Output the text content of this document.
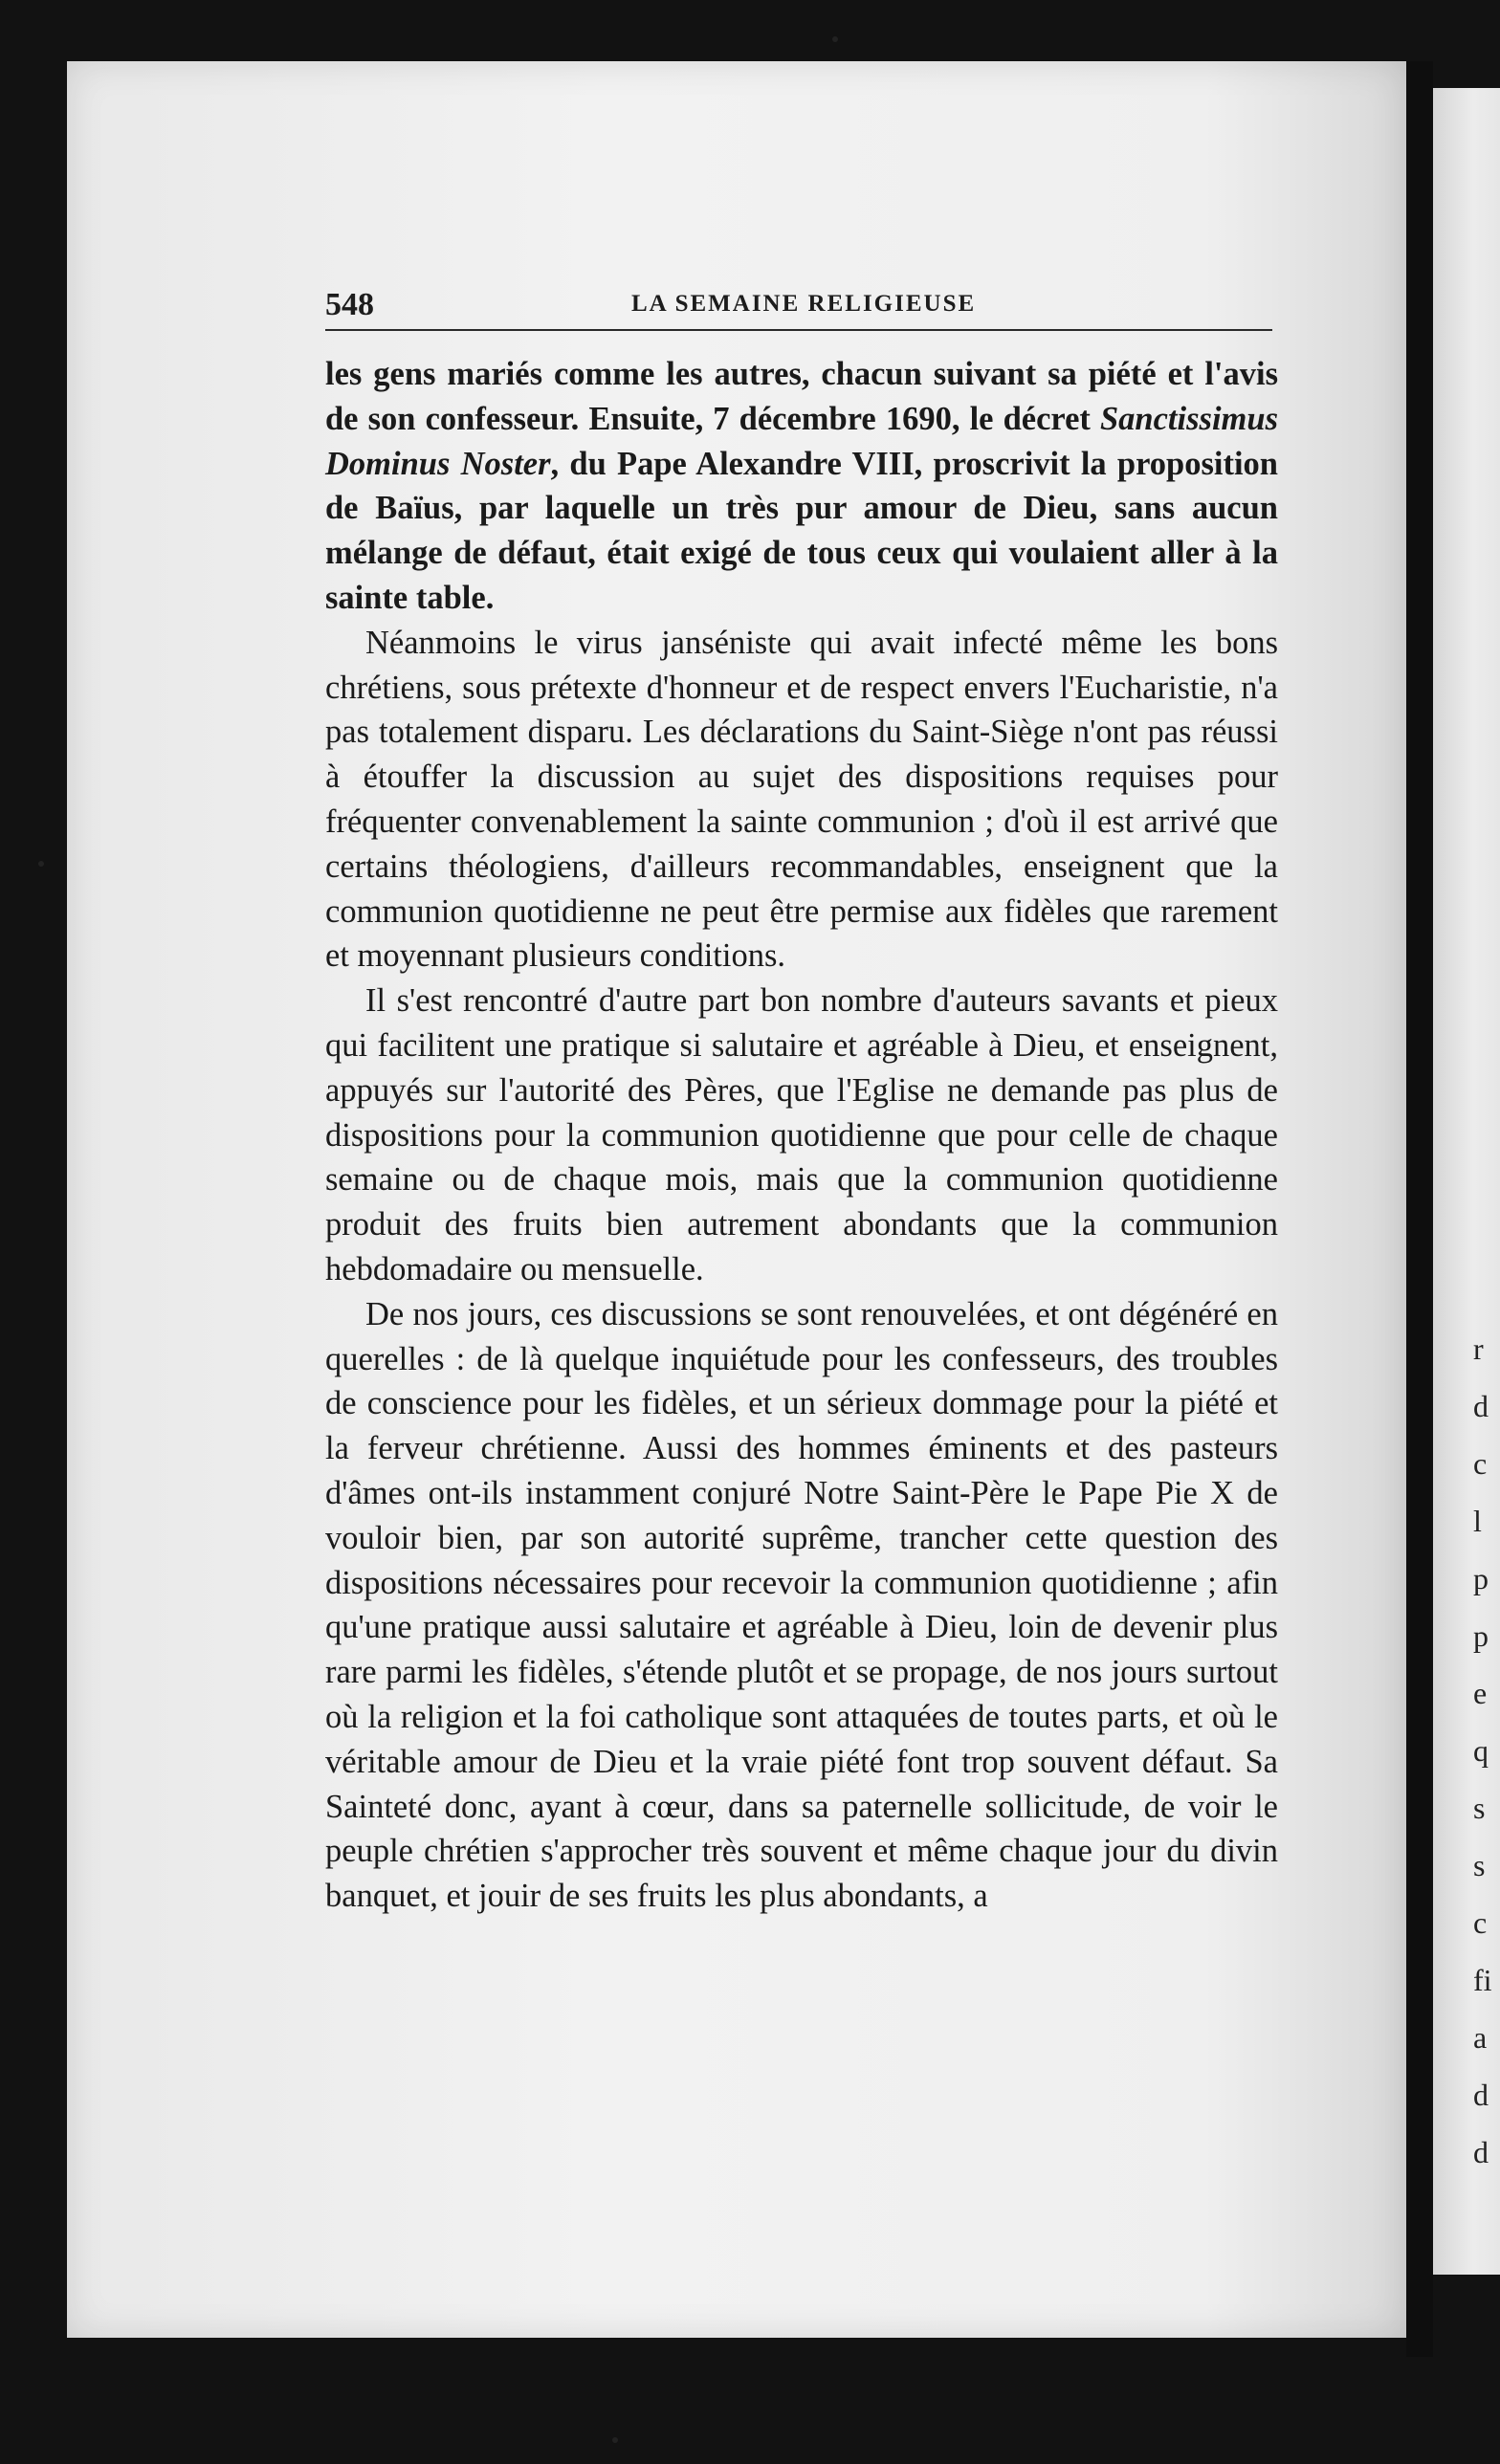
548	LA SEMAINE RELIGIEUSE

les gens mariés comme les autres, chacun suivant sa piété et l'avis de son confesseur. Ensuite, 7 décembre 1690, le décret Sanctissimus Dominus Noster, du Pape Alexandre VIII, proscrivit la proposition de Baïus, par laquelle un très pur amour de Dieu, sans aucun mélange de défaut, était exigé de tous ceux qui voulaient aller à la sainte table.

Néanmoins le virus janséniste qui avait infecté même les bons chrétiens, sous prétexte d'honneur et de respect envers l'Eucharistie, n'a pas totalement disparu. Les déclarations du Saint-Siège n'ont pas réussi à étouffer la discussion au sujet des dispositions requises pour fréquenter convenablement la sainte communion ; d'où il est arrivé que certains théologiens, d'ailleurs recommandables, enseignent que la communion quotidienne ne peut être permise aux fidèles que rarement et moyennant plusieurs conditions.

Il s'est rencontré d'autre part bon nombre d'auteurs savants et pieux qui facilitent une pratique si salutaire et agréable à Dieu, et enseignent, appuyés sur l'autorité des Pères, que l'Eglise ne demande pas plus de dispositions pour la communion quotidienne que pour celle de chaque semaine ou de chaque mois, mais que la communion quotidienne produit des fruits bien autrement abondants que la communion hebdomadaire ou mensuelle.

De nos jours, ces discussions se sont renouvelées, et ont dégénéré en querelles : de là quelque inquiétude pour les confesseurs, des troubles de conscience pour les fidèles, et un sérieux dommage pour la piété et la ferveur chrétienne. Aussi des hommes éminents et des pasteurs d'âmes ont-ils instamment conjuré Notre Saint-Père le Pape Pie X de vouloir bien, par son autorité suprême, trancher cette question des dispositions nécessaires pour recevoir la communion quotidienne ; afin qu'une pratique aussi salutaire et agréable à Dieu, loin de devenir plus rare parmi les fidèles, s'étende plutôt et se propage, de nos jours surtout où la religion et la foi catholique sont attaquées de toutes parts, et où le véritable amour de Dieu et la vraie piété font trop souvent défaut. Sa Sainteté donc, ayant à cœur, dans sa paternelle sollicitude, de voir le peuple chrétien s'approcher très souvent et même chaque jour du divin banquet, et jouir de ses fruits les plus abondants, a

r
d
c
l
p
p
e
q
s
s
c
fi
a
d
d
